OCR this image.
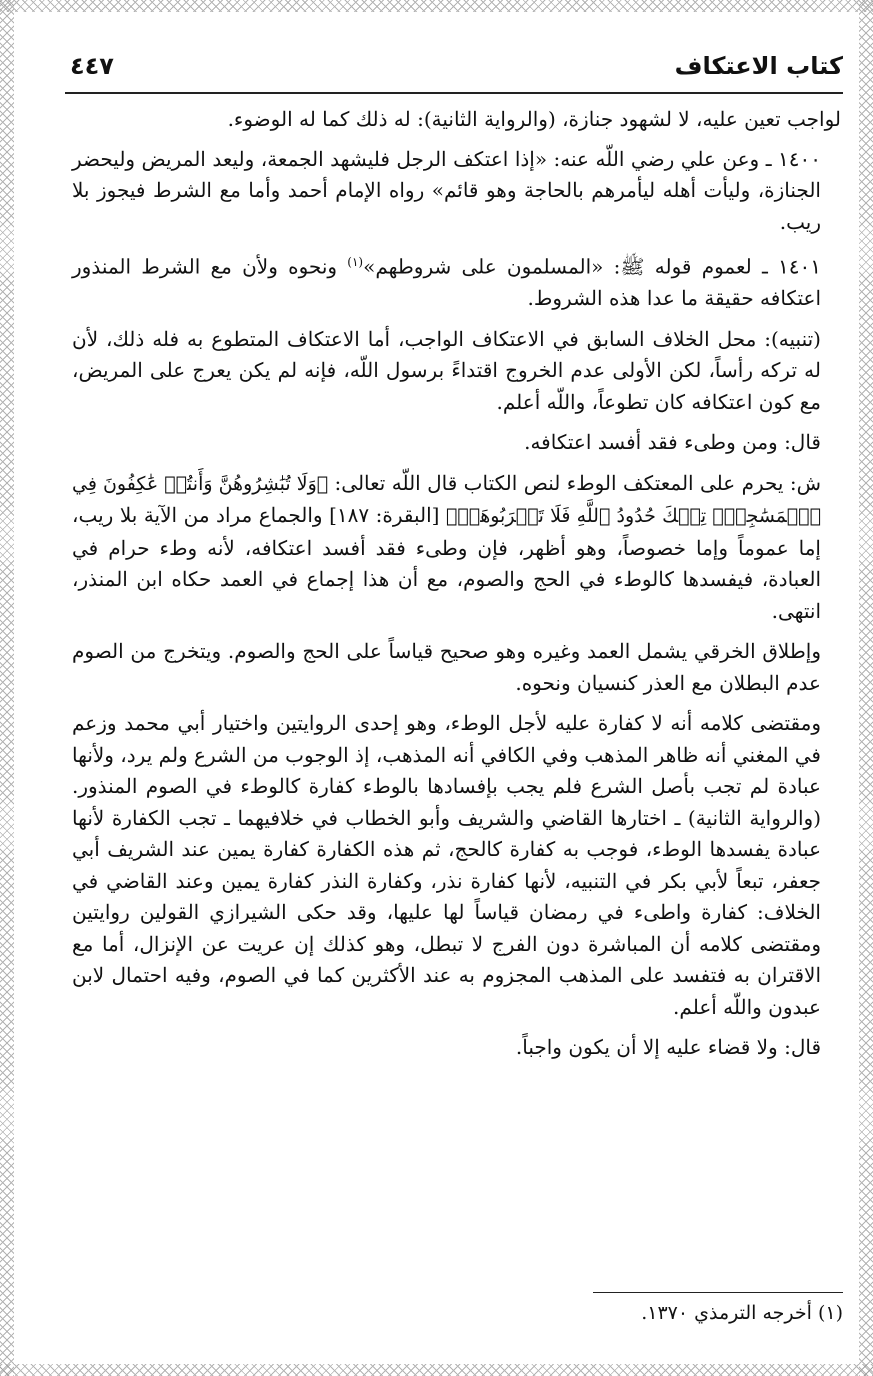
كتاب الاعتكاف
٤٤٧

لواجب تعين عليه، لا لشهود جنازة، (والرواية الثانية): له ذلك كما له الوضوء.

١٤٠٠ ـ وعن علي رضي اللّه عنه: «إذا اعتكف الرجل فليشهد الجمعة، وليعد المريض وليحضر الجنازة، وليأت أهله ليأمرهم بالحاجة وهو قائم» رواه الإمام أحمد وأما مع الشرط فيجوز بلا ريب.

١٤٠١ ـ لعموم قوله ﷺ: «المسلمون على شروطهم»$^{(١)}$ ونحوه ولأن مع الشرط المنذور اعتكافه حقيقة ما عدا هذه الشروط.

(تنبيه): محل الخلاف السابق في الاعتكاف الواجب، أما الاعتكاف المتطوع به فله ذلك، لأن له تركه رأساً، لكن الأولى عدم الخروج اقتداءً برسول اللّه، فإنه لم يكن يعرج على المريض، مع كون اعتكافه كان تطوعاً، واللّه أعلم.

قال: ومن وطىء فقد أفسد اعتكافه.

ش: يحرم على المعتكف الوطء لنص الكتاب قال اللّه تعالى: ﴿وَلَا تُبَٰشِرُوهُنَّ وَأَنتُمۡ عَٰكِفُونَ فِي ٱلۡمَسَٰجِدِۗ تِلۡكَ حُدُودُ ٱللَّهِ فَلَا تَقۡرَبُوهَاۗ﴾ [البقرة: ١٨٧] والجماع مراد من الآية بلا ريب، إما عموماً وإما خصوصاً، وهو أظهر، فإن وطىء فقد أفسد اعتكافه، لأنه وطء حرام في العبادة، فيفسدها كالوطء في الحج والصوم، مع أن هذا إجماع في العمد حكاه ابن المنذر، انتهى.

وإطلاق الخرقي يشمل العمد وغيره وهو صحيح قياساً على الحج والصوم. ويتخرج من الصوم عدم البطلان مع العذر كنسيان ونحوه.

ومقتضى كلامه أنه لا كفارة عليه لأجل الوطء، وهو إحدى الروايتين واختيار أبي محمد وزعم في المغني أنه ظاهر المذهب وفي الكافي أنه المذهب، إذ الوجوب من الشرع ولم يرد، ولأنها عبادة لم تجب بأصل الشرع فلم يجب بإفسادها بالوطء كفارة كالوطء في الصوم المنذور. (والرواية الثانية) ـ اختارها القاضي والشريف وأبو الخطاب في خلافيهما ـ تجب الكفارة لأنها عبادة يفسدها الوطء، فوجب به كفارة كالحج، ثم هذه الكفارة كفارة يمين عند الشريف أبي جعفر، تبعاً لأبي بكر في التنبيه، لأنها كفارة نذر، وكفارة النذر كفارة يمين وعند القاضي في الخلاف: كفارة واطىء في رمضان قياساً لها عليها، وقد حكى الشيرازي القولين روايتين ومقتضى كلامه أن المباشرة دون الفرج لا تبطل، وهو كذلك إن عريت عن الإنزال، أما مع الاقتران به فتفسد على المذهب المجزوم به عند الأكثرين كما في الصوم، وفيه احتمال لابن عبدون واللّه أعلم.

قال: ولا قضاء عليه إلا أن يكون واجباً.

(١) أخرجه الترمذي ١٣٧٠.
